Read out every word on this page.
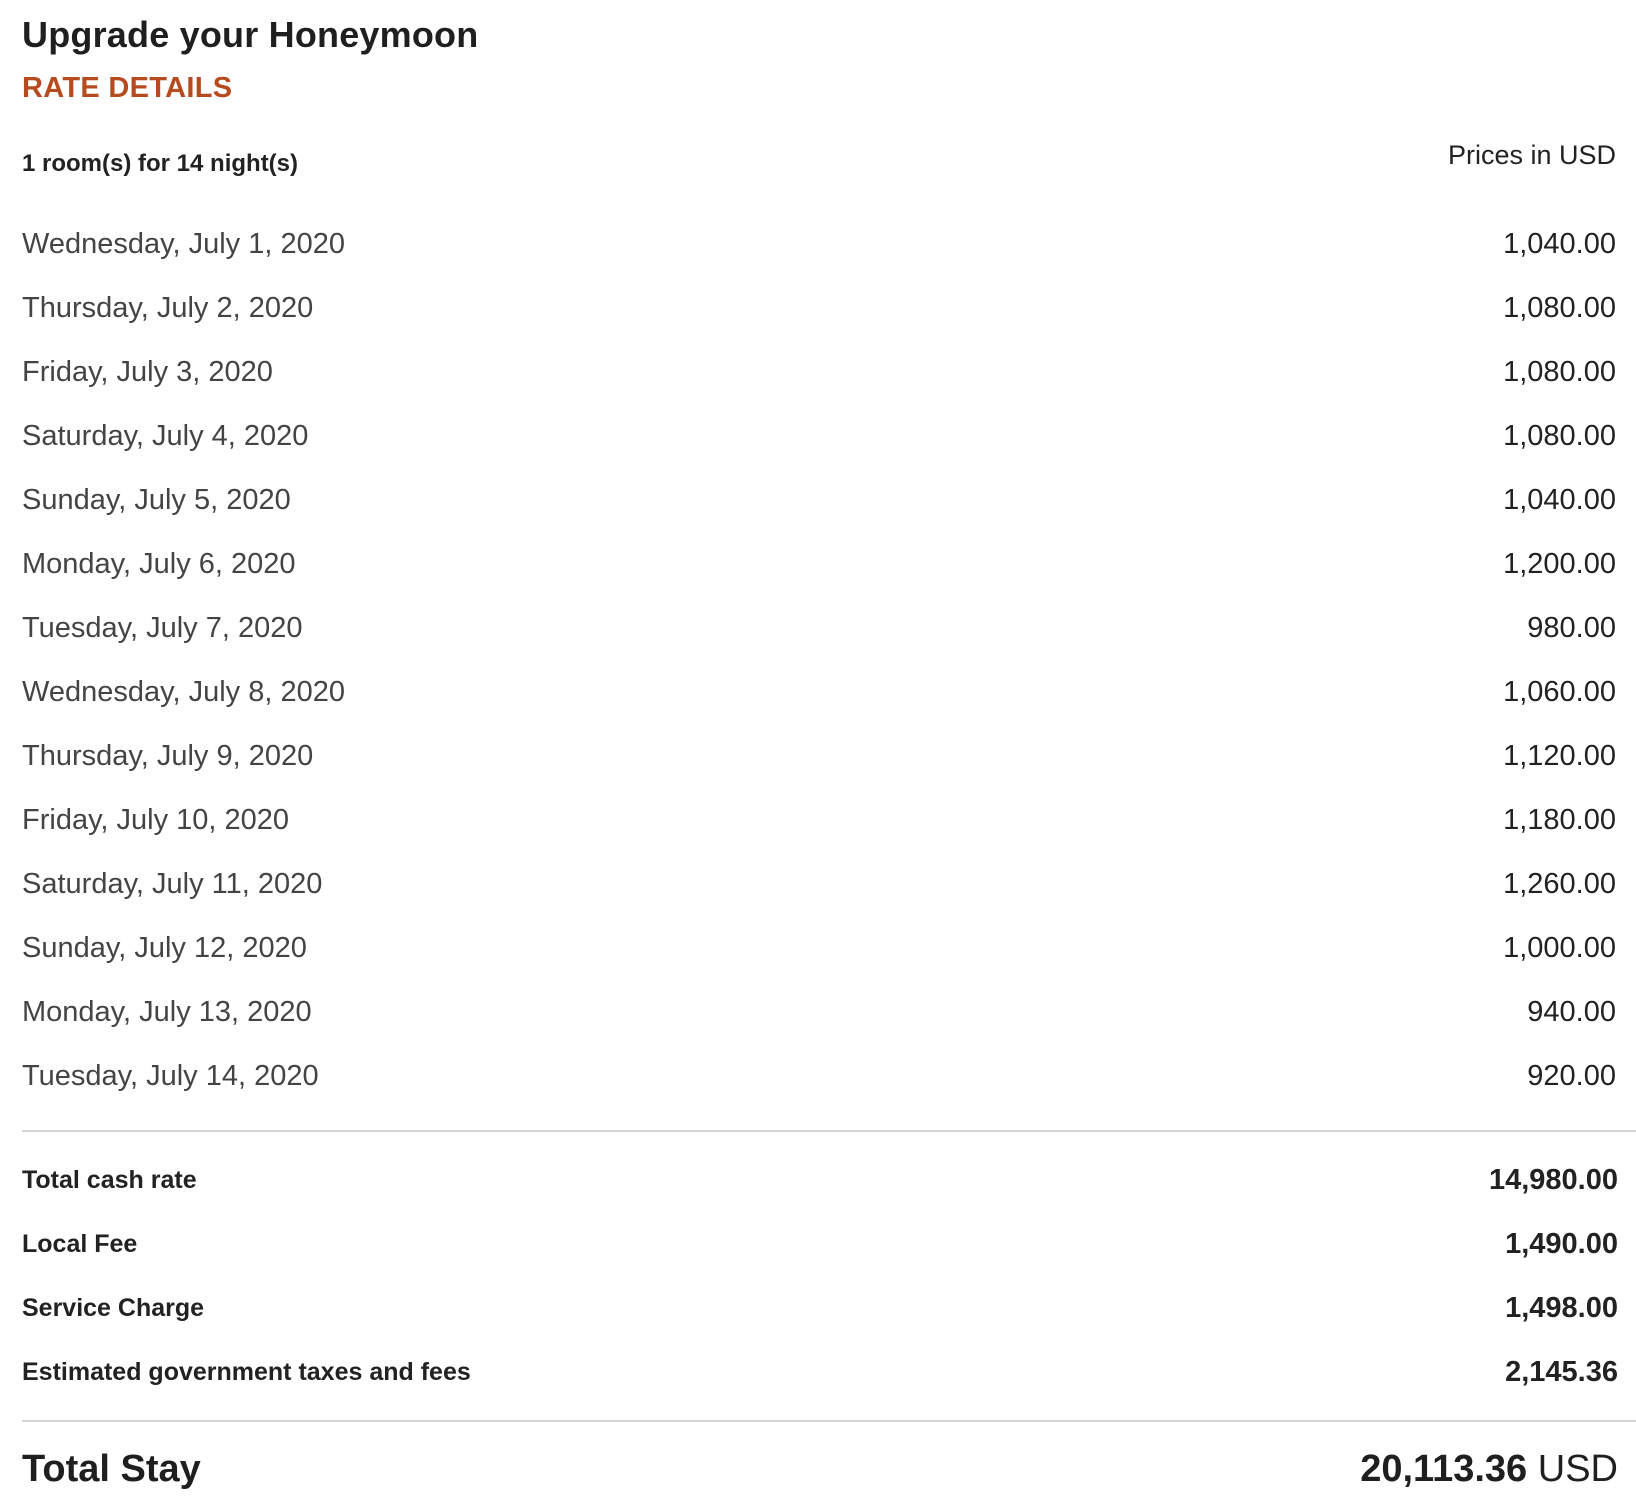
Upgrade your Honeymoon
RATE DETAILS
1 room(s) for 14 night(s)	Prices in USD
Wednesday, July 1, 2020	1,040.00
Thursday, July 2, 2020	1,080.00
Friday, July 3, 2020	1,080.00
Saturday, July 4, 2020	1,080.00
Sunday, July 5, 2020	1,040.00
Monday, July 6, 2020	1,200.00
Tuesday, July 7, 2020	980.00
Wednesday, July 8, 2020	1,060.00
Thursday, July 9, 2020	1,120.00
Friday, July 10, 2020	1,180.00
Saturday, July 11, 2020	1,260.00
Sunday, July 12, 2020	1,000.00
Monday, July 13, 2020	940.00
Tuesday, July 14, 2020	920.00
Total cash rate	14,980.00
Local Fee	1,490.00
Service Charge	1,498.00
Estimated government taxes and fees	2,145.36
Total Stay	20,113.36 USD
